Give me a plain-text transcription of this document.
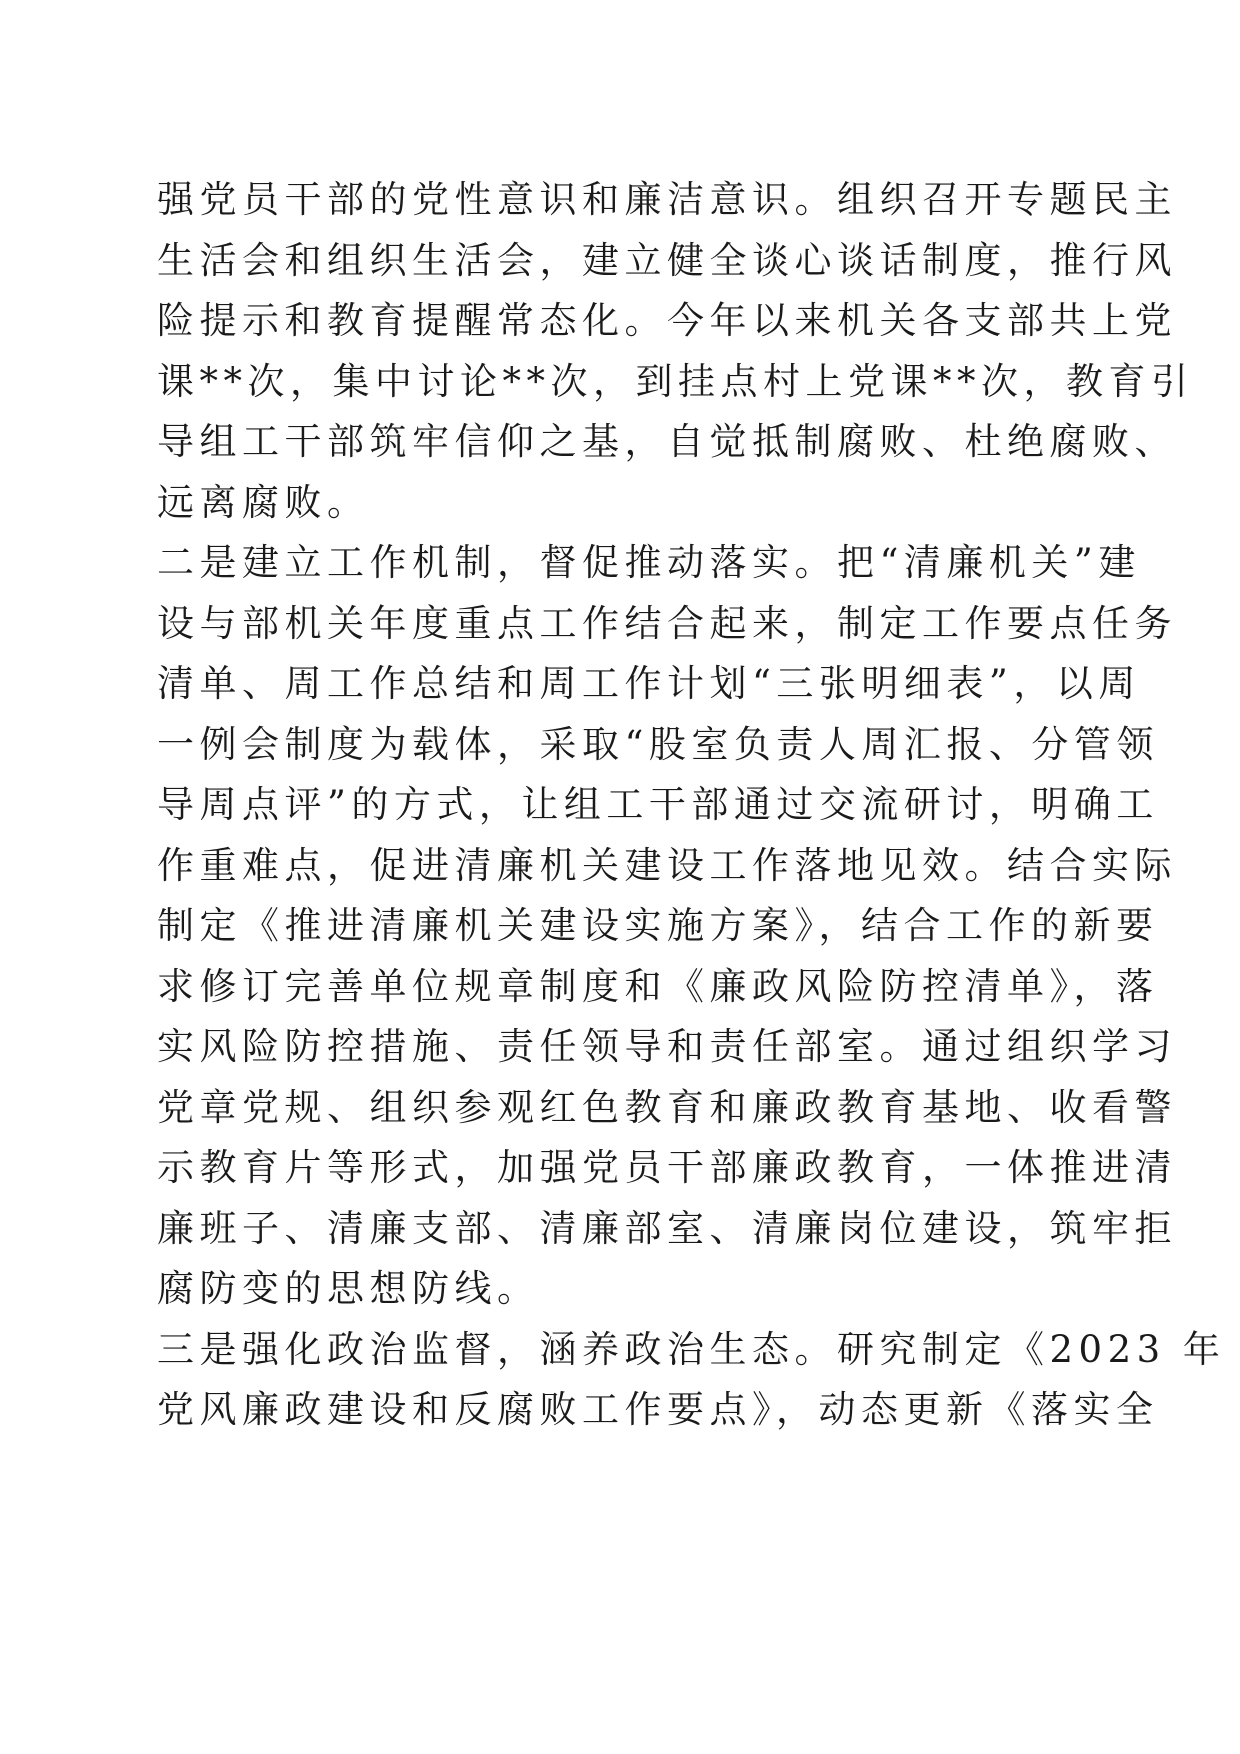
强党员干部的党性意识和廉洁意识。组织召开专题民主
生活会和组织生活会，建立健全谈心谈话制度，推行风
险提示和教育提醒常态化。今年以来机关各支部共上党
课**次，集中讨论**次，到挂点村上党课**次，教育引
导组工干部筑牢信仰之基，自觉抵制腐败、杜绝腐败、
远离腐败。

二是建立工作机制，督促推动落实。把“清廉机关”建
设与部机关年度重点工作结合起来，制定工作要点任务
清单、周工作总结和周工作计划“三张明细表”，以周
一例会制度为载体，采取“股室负责人周汇报、分管领
导周点评”的方式，让组工干部通过交流研讨，明确工
作重难点，促进清廉机关建设工作落地见效。结合实际
制定《推进清廉机关建设实施方案》，结合工作的新要
求修订完善单位规章制度和《廉政风险防控清单》，落
实风险防控措施、责任领导和责任部室。通过组织学习
党章党规、组织参观红色教育和廉政教育基地、收看警
示教育片等形式，加强党员干部廉政教育，一体推进清
廉班子、清廉支部、清廉部室、清廉岗位建设，筑牢拒
腐防变的思想防线。

三是强化政治监督，涵养政治生态。研究制定《2023 年
党风廉政建设和反腐败工作要点》，动态更新《落实全
